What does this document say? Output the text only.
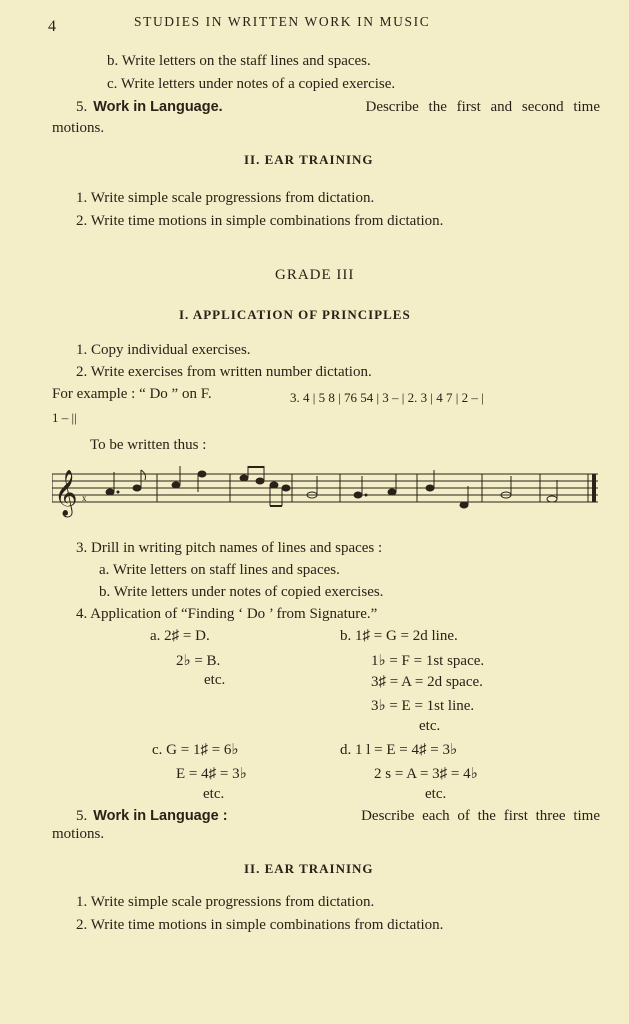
4	STUDIES IN WRITTEN WORK IN MUSIC
b. Write letters on the staff lines and spaces.
c. Write letters under notes of a copied exercise.
5. Work in Language.	Describe the first and second time
motions.
II. EAR TRAINING
1. Write simple scale progressions from dictation.
2. Write time motions in simple combinations from dictation.
GRADE III
I. APPLICATION OF PRINCIPLES
1. Copy individual exercises.
2. Write exercises from written number dictation.
For example : “ Do ” on F.	3. 4 | 5 8 | 76 54 | 3 – | 2. 3 | 4 7 | 2 – |
1 – ||
To be written thus :
𝄞 x
3. Drill in writing pitch names of lines and spaces :
a. Write letters on staff lines and spaces.
b. Write letters under notes of copied exercises.
4. Application of “Finding ‘ Do ’ from Signature.”
a. 2♯ = D.
2♭ = B.
etc.
b. 1♯ = G = 2d line.
1♭ = F = 1st space.
3♯ = A = 2d space.
3♭ = E = 1st line.
etc.
c. G = 1♯ = 6♭
E = 4♯ = 3♭
etc.
d. 1 l = E = 4♯ = 3♭
2 s = A = 3♯ = 4♭
etc.
5. Work in Language :	Describe each of the first three time
motions.
II. EAR TRAINING
1. Write simple scale progressions from dictation.
2. Write time motions in simple combinations from dictation.
